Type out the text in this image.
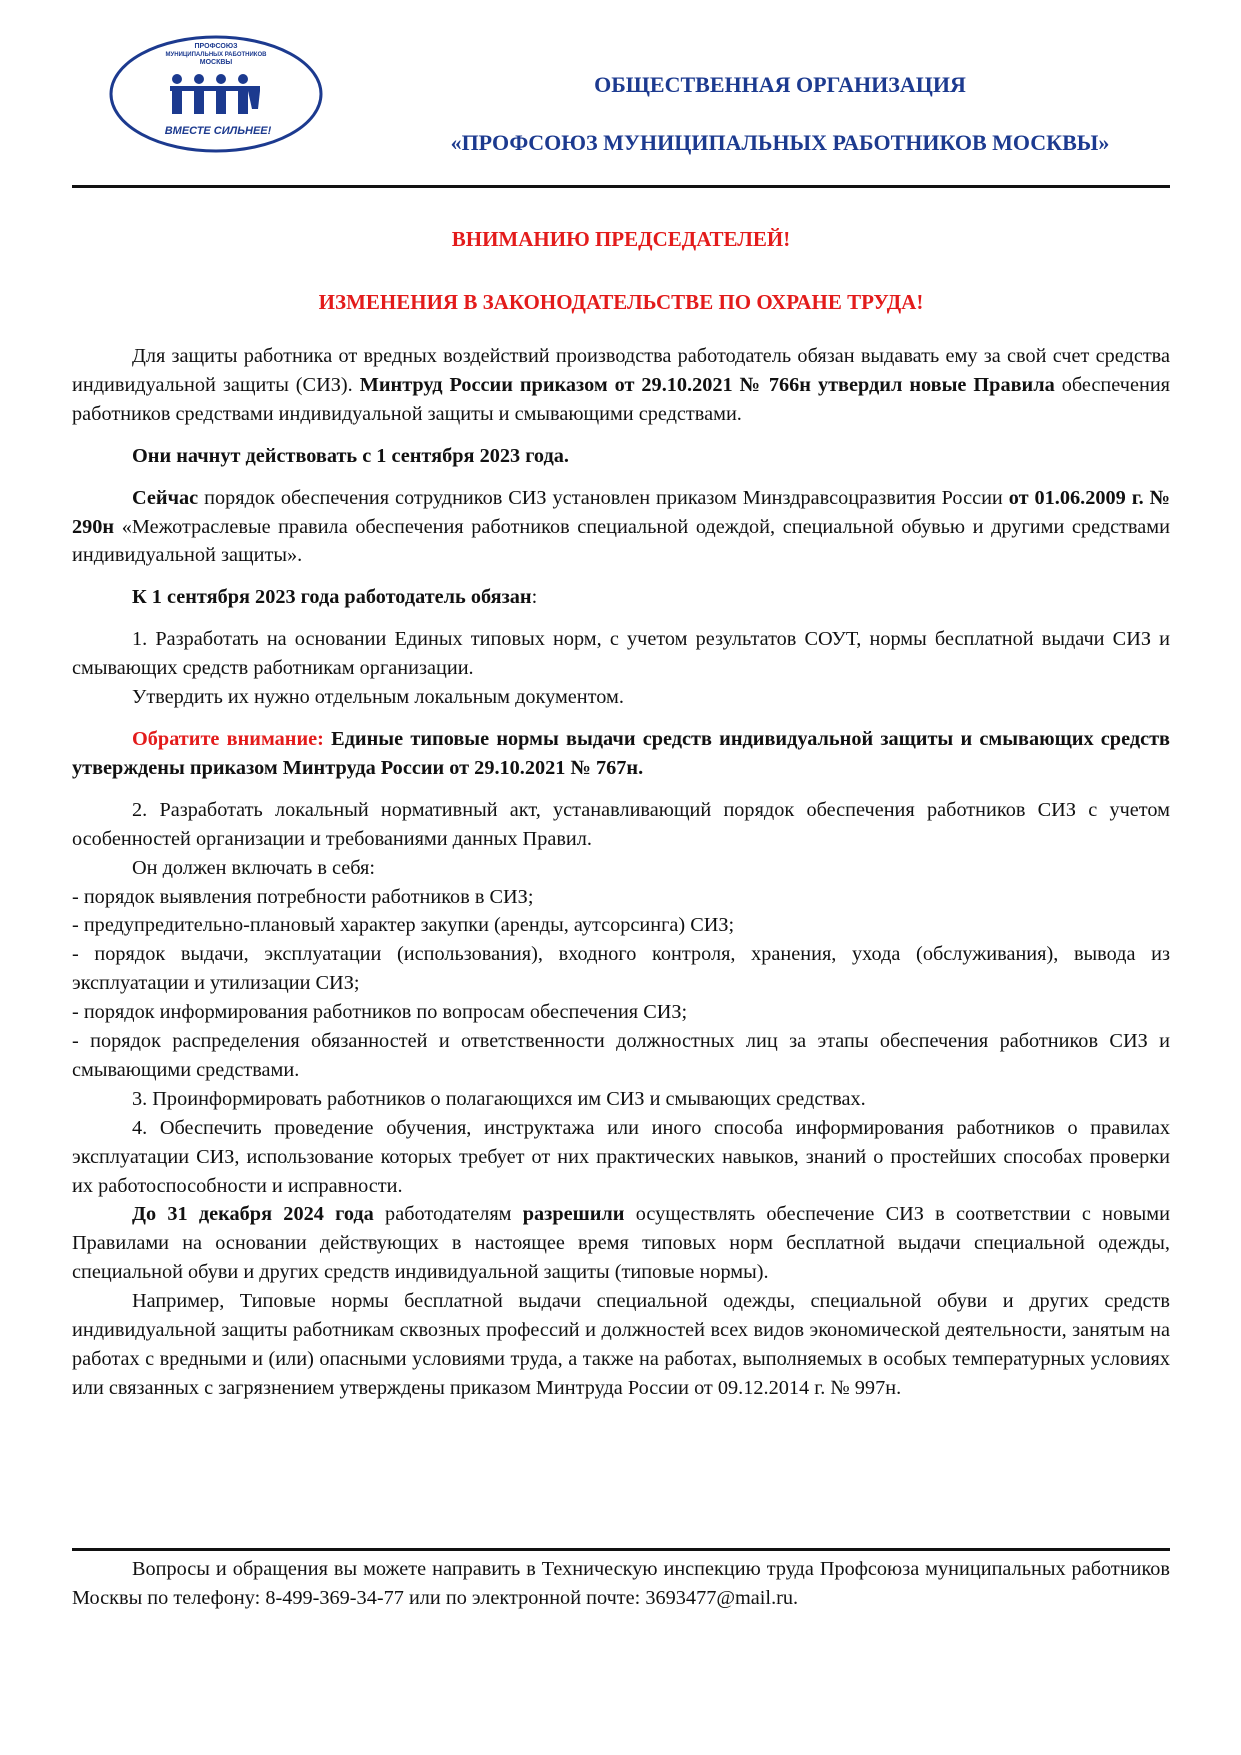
ПРОФСОЮЗ
МУНИЦИПАЛЬНЫХ РАБОТНИКОВ
МОСКВЫ
ВМЕСТЕ СИЛЬНЕЕ!
ОБЩЕСТВЕННАЯ ОРГАНИЗАЦИЯ
«ПРОФСОЮЗ МУНИЦИПАЛЬНЫХ РАБОТНИКОВ МОСКВЫ»
ВНИМАНИЮ ПРЕДСЕДАТЕЛЕЙ!
ИЗМЕНЕНИЯ В ЗАКОНОДАТЕЛЬСТВЕ ПО ОХРАНЕ ТРУДА!

Для защиты работника от вредных воздействий производства работодатель обязан выдавать ему за свой счет средства индивидуальной защиты (СИЗ). Минтруд России приказом от 29.10.2021 № 766н утвердил новые Правила обеспечения работников средствами индивидуальной защиты и смывающими средствами.

Они начнут действовать с 1 сентября 2023 года.

Сейчас порядок обеспечения сотрудников СИЗ установлен приказом Минздравсоцразвития России от 01.06.2009 г. № 290н «Межотраслевые правила обеспечения работников специальной одеждой, специальной обувью и другими средствами индивидуальной защиты».

К 1 сентября 2023 года работодатель обязан:

1. Разработать на основании Единых типовых норм, с учетом результатов СОУТ, нормы бесплатной выдачи СИЗ и смывающих средств работникам организации.

Утвердить их нужно отдельным локальным документом.

Обратите внимание: Единые типовые нормы выдачи средств индивидуальной защиты и смывающих средств утверждены приказом Минтруда России от 29.10.2021 № 767н.

2. Разработать локальный нормативный акт, устанавливающий порядок обеспечения работников СИЗ с учетом особенностей организации и требованиями данных Правил.

Он должен включать в себя:

- порядок выявления потребности работников в СИЗ;

- предупредительно-плановый характер закупки (аренды, аутсорсинга) СИЗ;

- порядок выдачи, эксплуатации (использования), входного контроля, хранения, ухода (обслуживания), вывода из эксплуатации и утилизации СИЗ;

- порядок информирования работников по вопросам обеспечения СИЗ;

- порядок распределения обязанностей и ответственности должностных лиц за этапы обеспечения работников СИЗ и смывающими средствами.

3. Проинформировать работников о полагающихся им СИЗ и смывающих средствах.

4. Обеспечить проведение обучения, инструктажа или иного способа информирования работников о правилах эксплуатации СИЗ, использование которых требует от них практических навыков, знаний о простейших способах проверки их работоспособности и исправности.

До 31 декабря 2024 года работодателям разрешили осуществлять обеспечение СИЗ в соответствии с новыми Правилами на основании действующих в настоящее время типовых норм бесплатной выдачи специальной одежды, специальной обуви и других средств индивидуальной защиты (типовые нормы).

Например, Типовые нормы бесплатной выдачи специальной одежды, специальной обуви и других средств индивидуальной защиты работникам сквозных профессий и должностей всех видов экономической деятельности, занятым на работах с вредными и (или) опасными условиями труда, а также на работах, выполняемых в особых температурных условиях или связанных с загрязнением утверждены приказом Минтруда России от 09.12.2014 г. № 997н.

Вопросы и обращения вы можете направить в Техническую инспекцию труда Профсоюза муниципальных работников Москвы по телефону: 8-499-369-34-77 или по электронной почте: 3693477@mail.ru.
